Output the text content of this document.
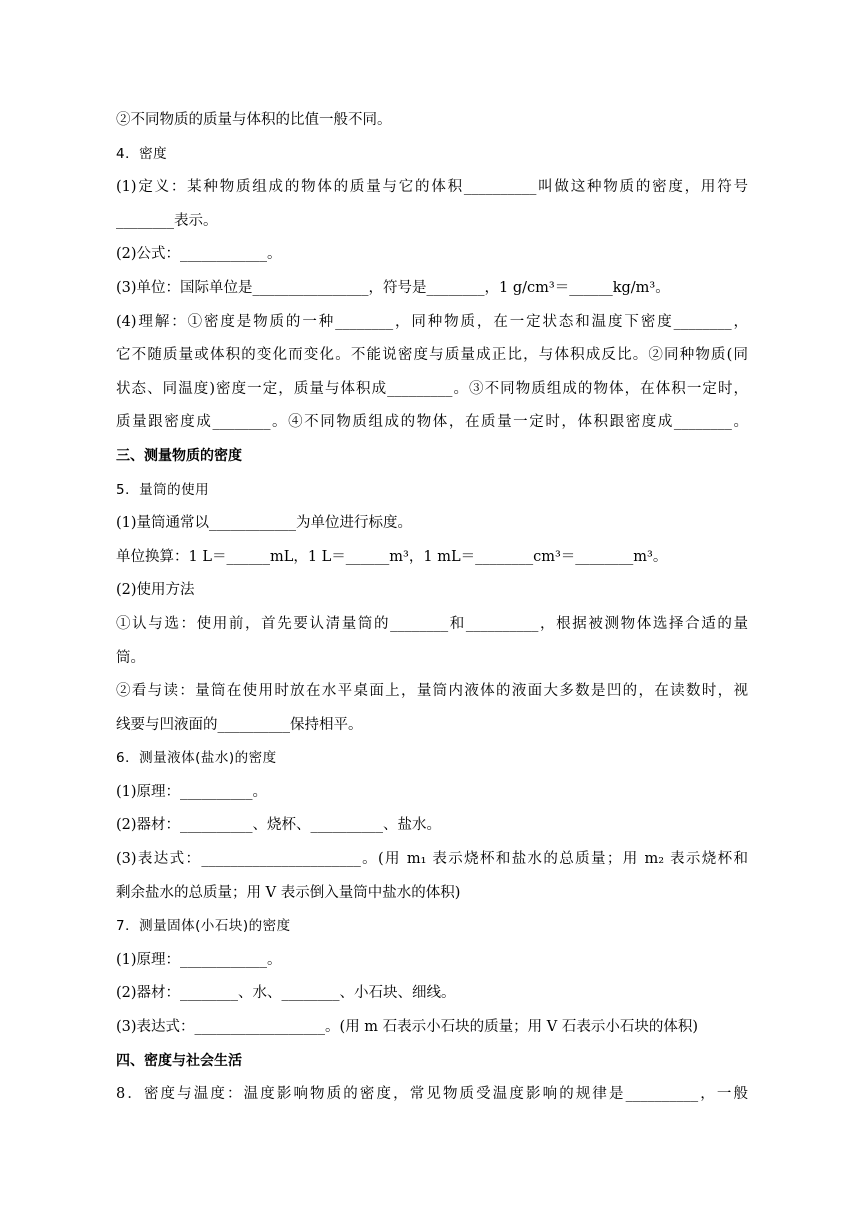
②不同物质的质量与体积的比值一般不同。
4．密度
(1)定义：某种物质组成的物体的质量与它的体积__________叫做这种物质的密度，用符号
________表示。
(2)公式：____________。
(3)单位：国际单位是________________，符号是________，1 g/cm³＝______kg/m³。
(4)理解：①密度是物质的一种________，同种物质，在一定状态和温度下密度________，
它不随质量或体积的变化而变化。不能说密度与质量成正比，与体积成反比。②同种物质(同
状态、同温度)密度一定，质量与体积成_________。③不同物质组成的物体，在体积一定时，
质量跟密度成________。④不同物质组成的物体，在质量一定时，体积跟密度成________。
三、测量物质的密度
5．量筒的使用
(1)量筒通常以____________为单位进行标度。
单位换算：1 L＝______mL，1 L＝______m³，1 mL＝________cm³＝________m³。
(2)使用方法
①认与选：使用前，首先要认清量筒的________和__________，根据被测物体选择合适的量
筒。
②看与读：量筒在使用时放在水平桌面上，量筒内液体的液面大多数是凹的，在读数时，视
线要与凹液面的__________保持相平。
6．测量液体(盐水)的密度
(1)原理：__________。
(2)器材：__________、烧杯、__________、盐水。
(3)表达式：______________________。(用 m₁ 表示烧杯和盐水的总质量；用 m₂ 表示烧杯和
剩余盐水的总质量；用 V 表示倒入量筒中盐水的体积)
7．测量固体(小石块)的密度
(1)原理：____________。
(2)器材：________、水、________、小石块、细线。
(3)表达式：__________________。(用 m 石表示小石块的质量；用 V 石表示小石块的体积)
四、密度与社会生活
8．密度与温度：温度影响物质的密度，常见物质受温度影响的规律是__________，一般
